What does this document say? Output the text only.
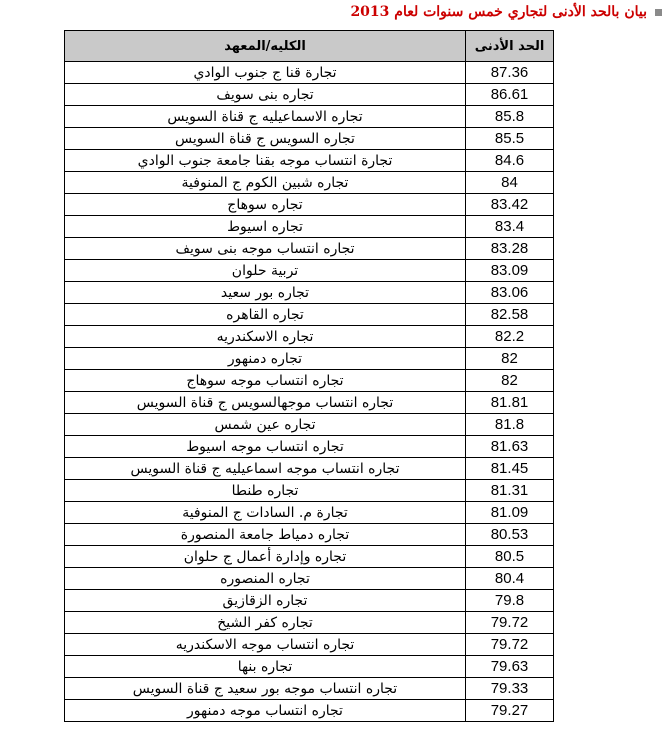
بيان بالحد الأدنى لتجاري خمس سنوات لعام 2013
الحد الأدنى	الكليه/المعهد
87.36	تجارة قنا ج جنوب الوادي
86.61	تجاره بنى سويف
85.8	تجاره الاسماعيليه ج قناة السويس
85.5	تجاره السويس ج قناة السويس
84.6	تجارة انتساب موجه بقنا جامعة جنوب الوادي
84	تجاره شبين الكوم ج المنوفية
83.42	تجاره سوهاج
83.4	تجاره اسيوط
83.28	تجاره انتساب موجه بنى سويف
83.09	تربية حلوان
83.06	تجاره بور سعيد
82.58	تجاره القاهره
82.2	تجاره الاسكندريه
82	تجاره دمنهور
82	تجاره انتساب موجه سوهاج
81.81	تجاره انتساب موجهالسويس ج قناة السويس
81.8	تجاره عين شمس
81.63	تجاره انتساب موجه اسيوط
81.45	تجاره انتساب موجه اسماعيليه ج قناة السويس
81.31	تجاره طنطا
81.09	تجارة م. السادات ج المنوفية
80.53	تجاره دمياط جامعة المنصورة
80.5	تجاره وإدارة أعمال ج حلوان
80.4	تجاره المنصوره
79.8	تجاره الزقازيق
79.72	تجاره كفر الشيخ
79.72	تجاره انتساب موجه الاسكندريه
79.63	تجاره بنها
79.33	تجاره انتساب موجه بور سعيد ج قناة السويس
79.27	تجاره انتساب موجه دمنهور
